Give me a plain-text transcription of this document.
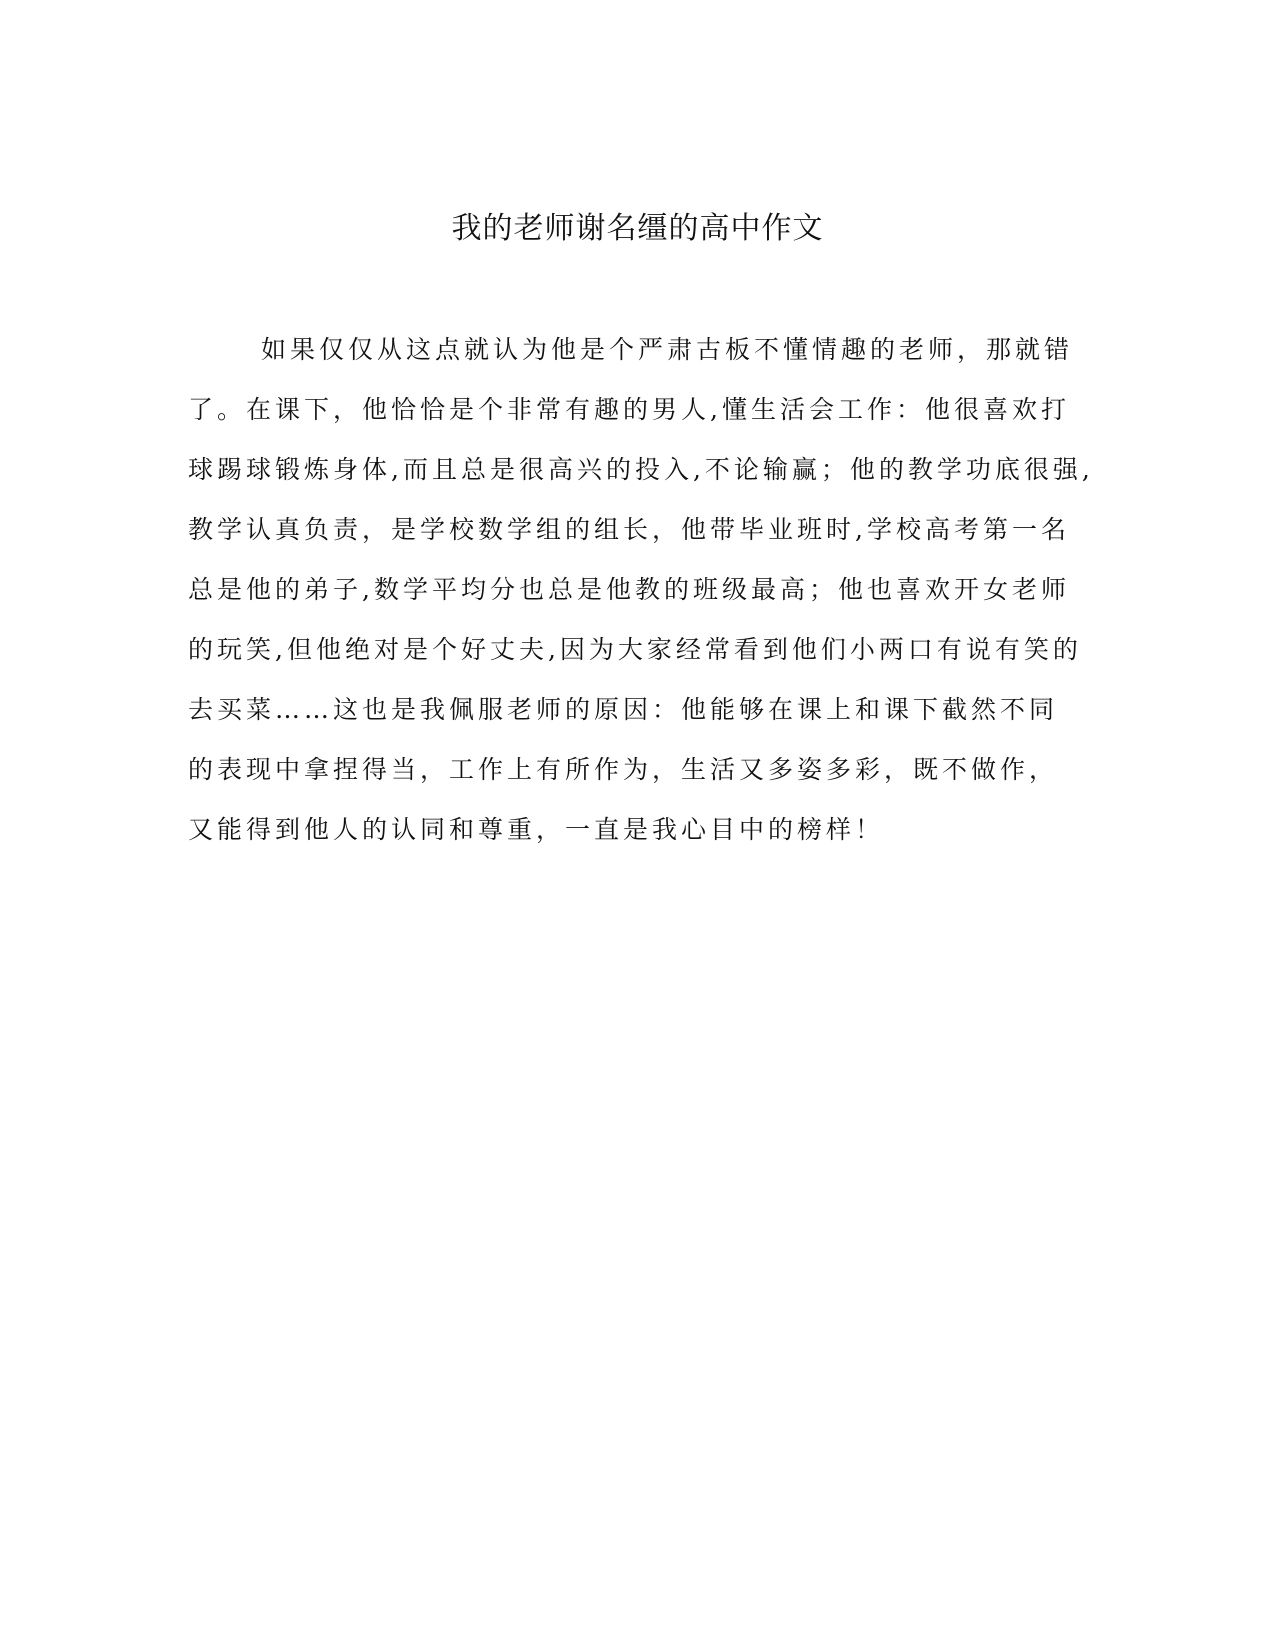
我的老师谢名缰的高中作文
如果仅仅从这点就认为他是个严肃古板不懂情趣的老师，那就错
了。在课下，他恰恰是个非常有趣的男人,懂生活会工作：他很喜欢打
球踢球锻炼身体,而且总是很高兴的投入,不论输赢；他的教学功底很强,
教学认真负责，是学校数学组的组长，他带毕业班时,学校高考第一名
总是他的弟子,数学平均分也总是他教的班级最高；他也喜欢开女老师
的玩笑,但他绝对是个好丈夫,因为大家经常看到他们小两口有说有笑的
去买菜……这也是我佩服老师的原因：他能够在课上和课下截然不同
的表现中拿捏得当，工作上有所作为，生活又多姿多彩，既不做作，
又能得到他人的认同和尊重，一直是我心目中的榜样！
